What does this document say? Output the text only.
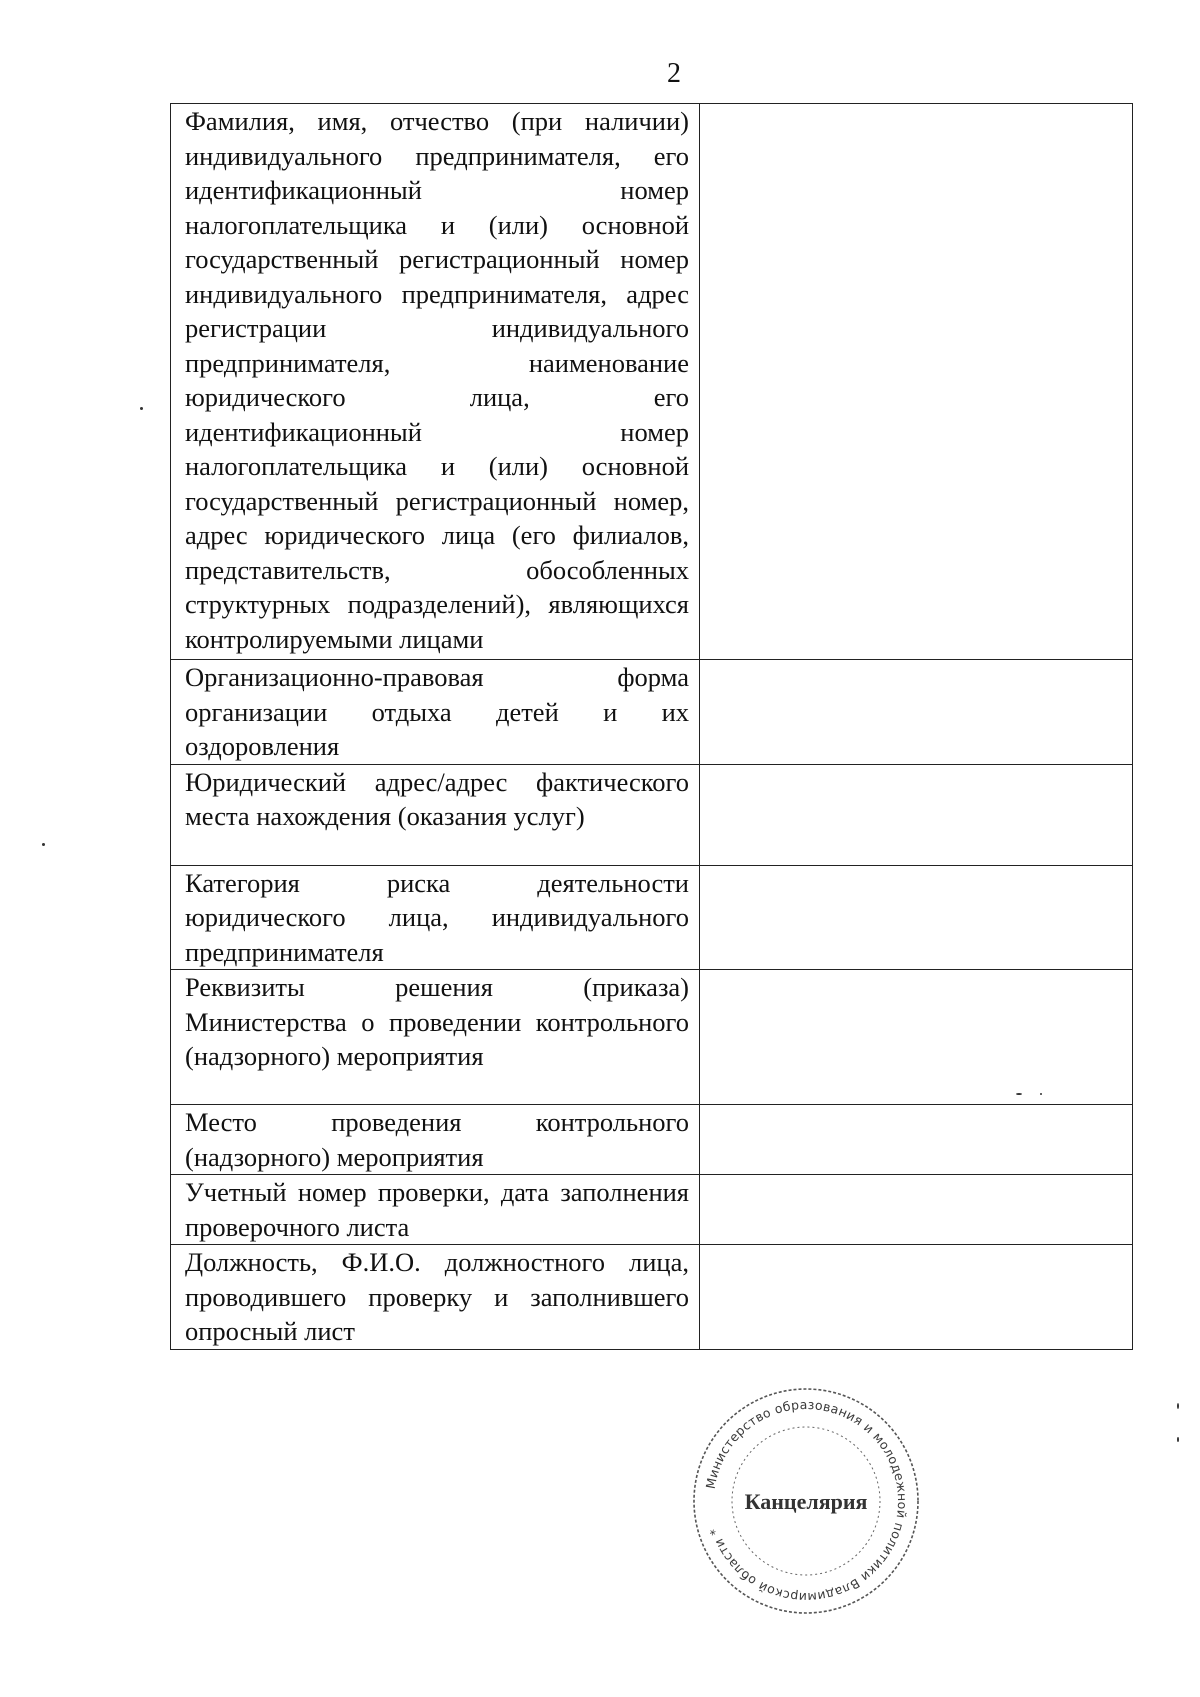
2
Фамилия, имя, отчество (при наличии) индивидуального предпринимателя, его идентификационный номер налогоплательщика и (или) основной государственный регистрационный номер индивидуального предпринимателя, адрес регистрации индивидуального предпринимателя, наименование юридического лица, его идентификационный номер налогоплательщика и (или) основной государственный регистрационный номер, адрес юридического лица (его филиалов, представительств, обособленных структурных подразделений), являющихся контролируемыми лицами	
Организационно-правовая форма организации отдыха детей и их оздоровления	
Юридический адрес/адрес фактического места нахождения (оказания услуг)	
Категория риска деятельности юридического лица, индивидуального предпринимателя	
Реквизиты решения (приказа) Министерства о проведении контрольного (надзорного) мероприятия	
Место проведения контрольного (надзорного) мероприятия	
Учетный номер проверки, дата заполнения проверочного листа	
Должность, Ф.И.О. должностного лица, проводившего проверку и заполнившего опросный лист	
Министерство образования и молодежной политики Владимирской области *
Канцелярия
